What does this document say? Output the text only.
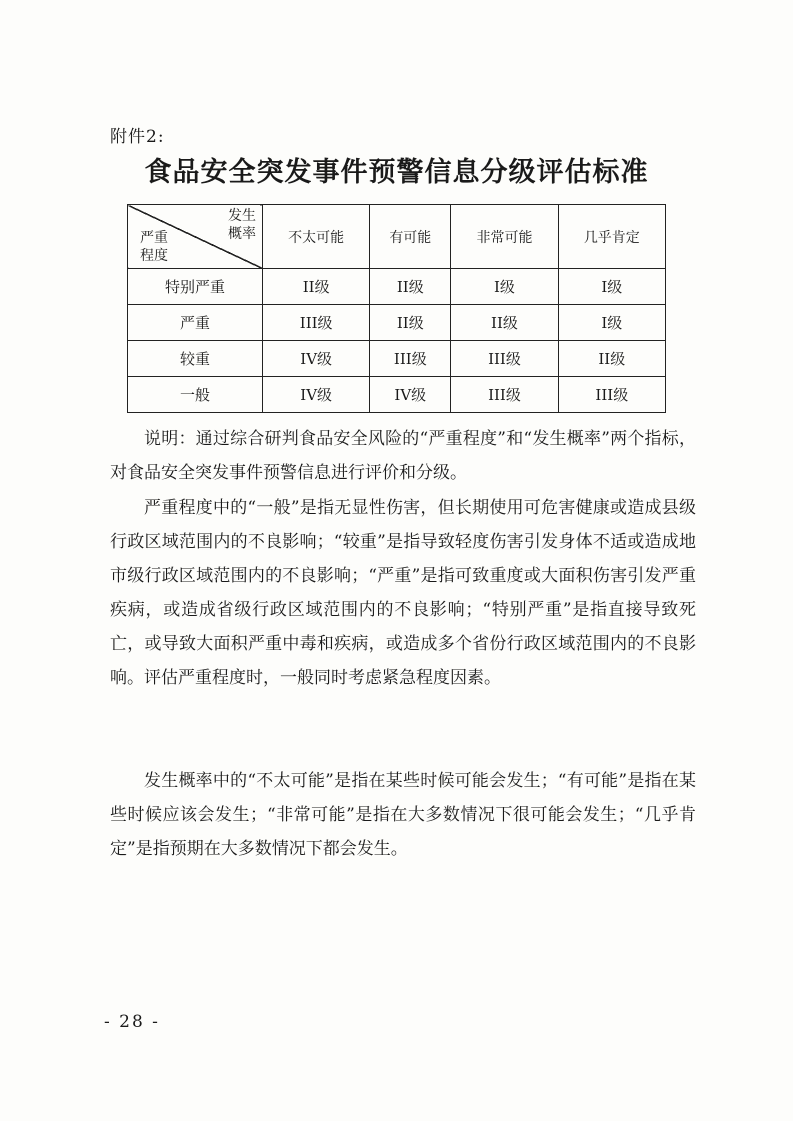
附件2:
食品安全突发事件预警信息分级评估标准
发生
概率
严重
程度	不太可能	有可能	非常可能	几乎肯定
特别严重	II级	II级	I级	I级
严重	III级	II级	II级	I级
较重	IV级	III级	III级	II级
一般	IV级	IV级	III级	III级

说明：通过综合研判食品安全风险的“严重程度”和“发生概率”两个指标，对食品安全突发事件预警信息进行评价和分级。

严重程度中的“一般”是指无显性伤害，但长期使用可危害健康或造成县级行政区域范围内的不良影响；“较重”是指导致轻度伤害引发身体不适或造成地市级行政区域范围内的不良影响；“严重”是指可致重度或大面积伤害引发严重疾病，或造成省级行政区域范围内的不良影响；“特别严重”是指直接导致死亡，或导致大面积严重中毒和疾病，或造成多个省份行政区域范围内的不良影响。评估严重程度时，一般同时考虑紧急程度因素。

发生概率中的“不太可能”是指在某些时候可能会发生；“有可能”是指在某些时候应该会发生；“非常可能”是指在大多数情况下很可能会发生；“几乎肯定”是指预期在大多数情况下都会发生。

- 28 -
